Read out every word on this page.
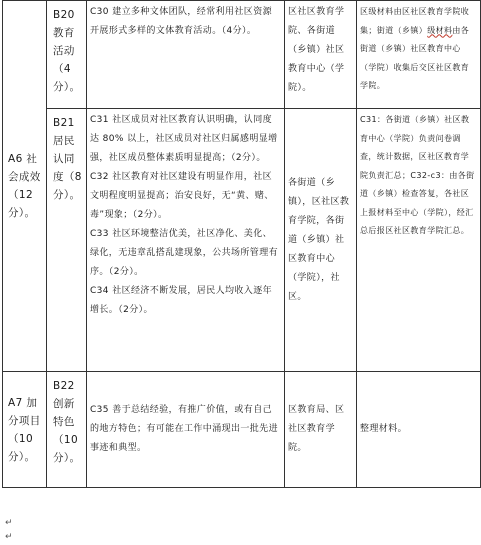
A6 社会成效（12分）。	B20 教育活动（4分）。	C30 建立多种文体团队，经常利用社区资源开展形式多样的文体教育活动。（4分）。	区社区教育学院、各街道（乡镇）社区教育中心（学院）。	区级材料由区社区教育学院收集；街道（乡镇）级材料由各街道（乡镇）社区教育中心（学院）收集后交区社区教育学院。
	B21 居民认同度（8分）。	C31 社区成员对社区教育认识明确，认同度达 80% 以上，社区成员对社区归属感明显增强，社区成员整体素质明显提高；（2分）。
C32 社区教育对社区建设有明显作用，社区文明程度明显提高；治安良好，无“黄、赌、毒”现象；（2分）。
C33 社区环境整洁优美，社区净化、美化、绿化，无违章乱搭乱建现象，公共场所管理有序。（2分）。
C34 社区经济不断发展，居民人均收入逐年增长。（2分）。	各街道（乡镇），区社区教育学院，各街道（乡镇）社区教育中心（学院），社区。	C31：各街道（乡镇）社区教育中心（学院）负责问卷调查，统计数据，区社区教育学院负责汇总；C32-c3：由各街道（乡镇）检查答复，各社区上报材料至中心（学院），经汇总后报区社区教育学院汇总。
A7 加分项目（10分）。	B22 创新特色（10分）。	C35 善于总结经验，有推广价值，或有自己的地方特色；有可能在工作中涌现出一批先进事迹和典型。	区教育局、区社区教育学院。	整理材料。
↵
↵
